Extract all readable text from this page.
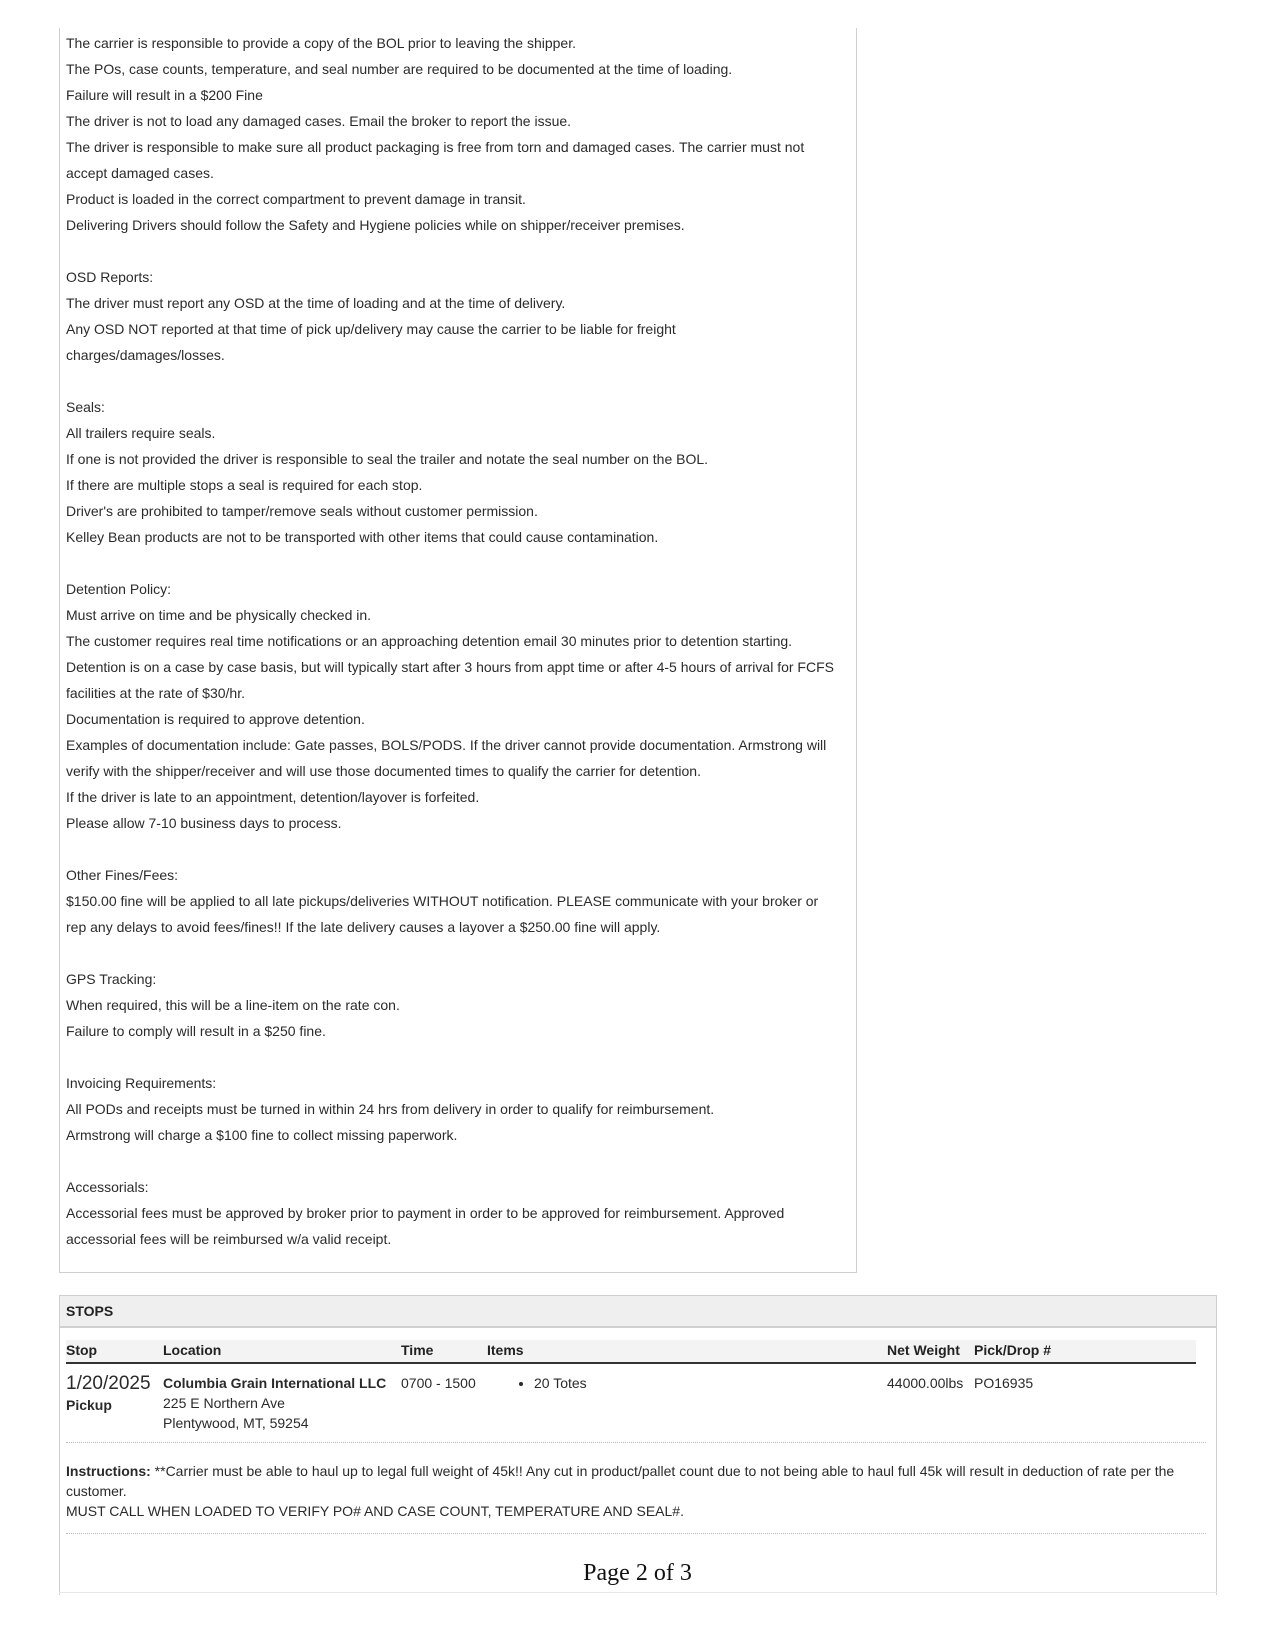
The carrier is responsible to provide a copy of the BOL prior to leaving the shipper.
The POs, case counts, temperature, and seal number are required to be documented at the time of loading.
Failure will result in a $200 Fine
The driver is not to load any damaged cases. Email the broker to report the issue.
The driver is responsible to make sure all product packaging is free from torn and damaged cases. The carrier must not
accept damaged cases.
Product is loaded in the correct compartment to prevent damage in transit.
Delivering Drivers should follow the Safety and Hygiene policies while on shipper/receiver premises.
OSD Reports:
The driver must report any OSD at the time of loading and at the time of delivery.
Any OSD NOT reported at that time of pick up/delivery may cause the carrier to be liable for freight
charges/damages/losses.
Seals:
All trailers require seals.
If one is not provided the driver is responsible to seal the trailer and notate the seal number on the BOL.
If there are multiple stops a seal is required for each stop.
Driver's are prohibited to tamper/remove seals without customer permission.
Kelley Bean products are not to be transported with other items that could cause contamination.
Detention Policy:
Must arrive on time and be physically checked in.
The customer requires real time notifications or an approaching detention email 30 minutes prior to detention starting.
Detention is on a case by case basis, but will typically start after 3 hours from appt time or after 4-5 hours of arrival for FCFS
facilities at the rate of $30/hr.
Documentation is required to approve detention.
Examples of documentation include: Gate passes, BOLS/PODS. If the driver cannot provide documentation. Armstrong will
verify with the shipper/receiver and will use those documented times to qualify the carrier for detention.
If the driver is late to an appointment, detention/layover is forfeited.
Please allow 7-10 business days to process.
Other Fines/Fees:
$150.00 fine will be applied to all late pickups/deliveries WITHOUT notification. PLEASE communicate with your broker or
rep any delays to avoid fees/fines!! If the late delivery causes a layover a $250.00 fine will apply.
GPS Tracking:
When required, this will be a line-item on the rate con.
Failure to comply will result in a $250 fine.
Invoicing Requirements:
All PODs and receipts must be turned in within 24 hrs from delivery in order to qualify for reimbursement.
Armstrong will charge a $100 fine to collect missing paperwork.
Accessorials:
Accessorial fees must be approved by broker prior to payment in order to be approved for reimbursement. Approved
accessorial fees will be reimbursed w/a valid receipt.
STOPS
Stop	Location	Time	Items	Net Weight Pick/Drop #
1/20/2025
Pickup
Columbia Grain International LLC
225 E Northern Ave
Plentywood, MT, 59254
0700 - 1500
•	20 Totes	44000.00lbs PO16935
Instructions: **Carrier must be able to haul up to legal full weight of 45k!! Any cut in product/pallet count due to not being able to haul full 45k will result in deduction of rate per the customer.
MUST CALL WHEN LOADED TO VERIFY PO# AND CASE COUNT, TEMPERATURE AND SEAL#.
Page 2 of 3
